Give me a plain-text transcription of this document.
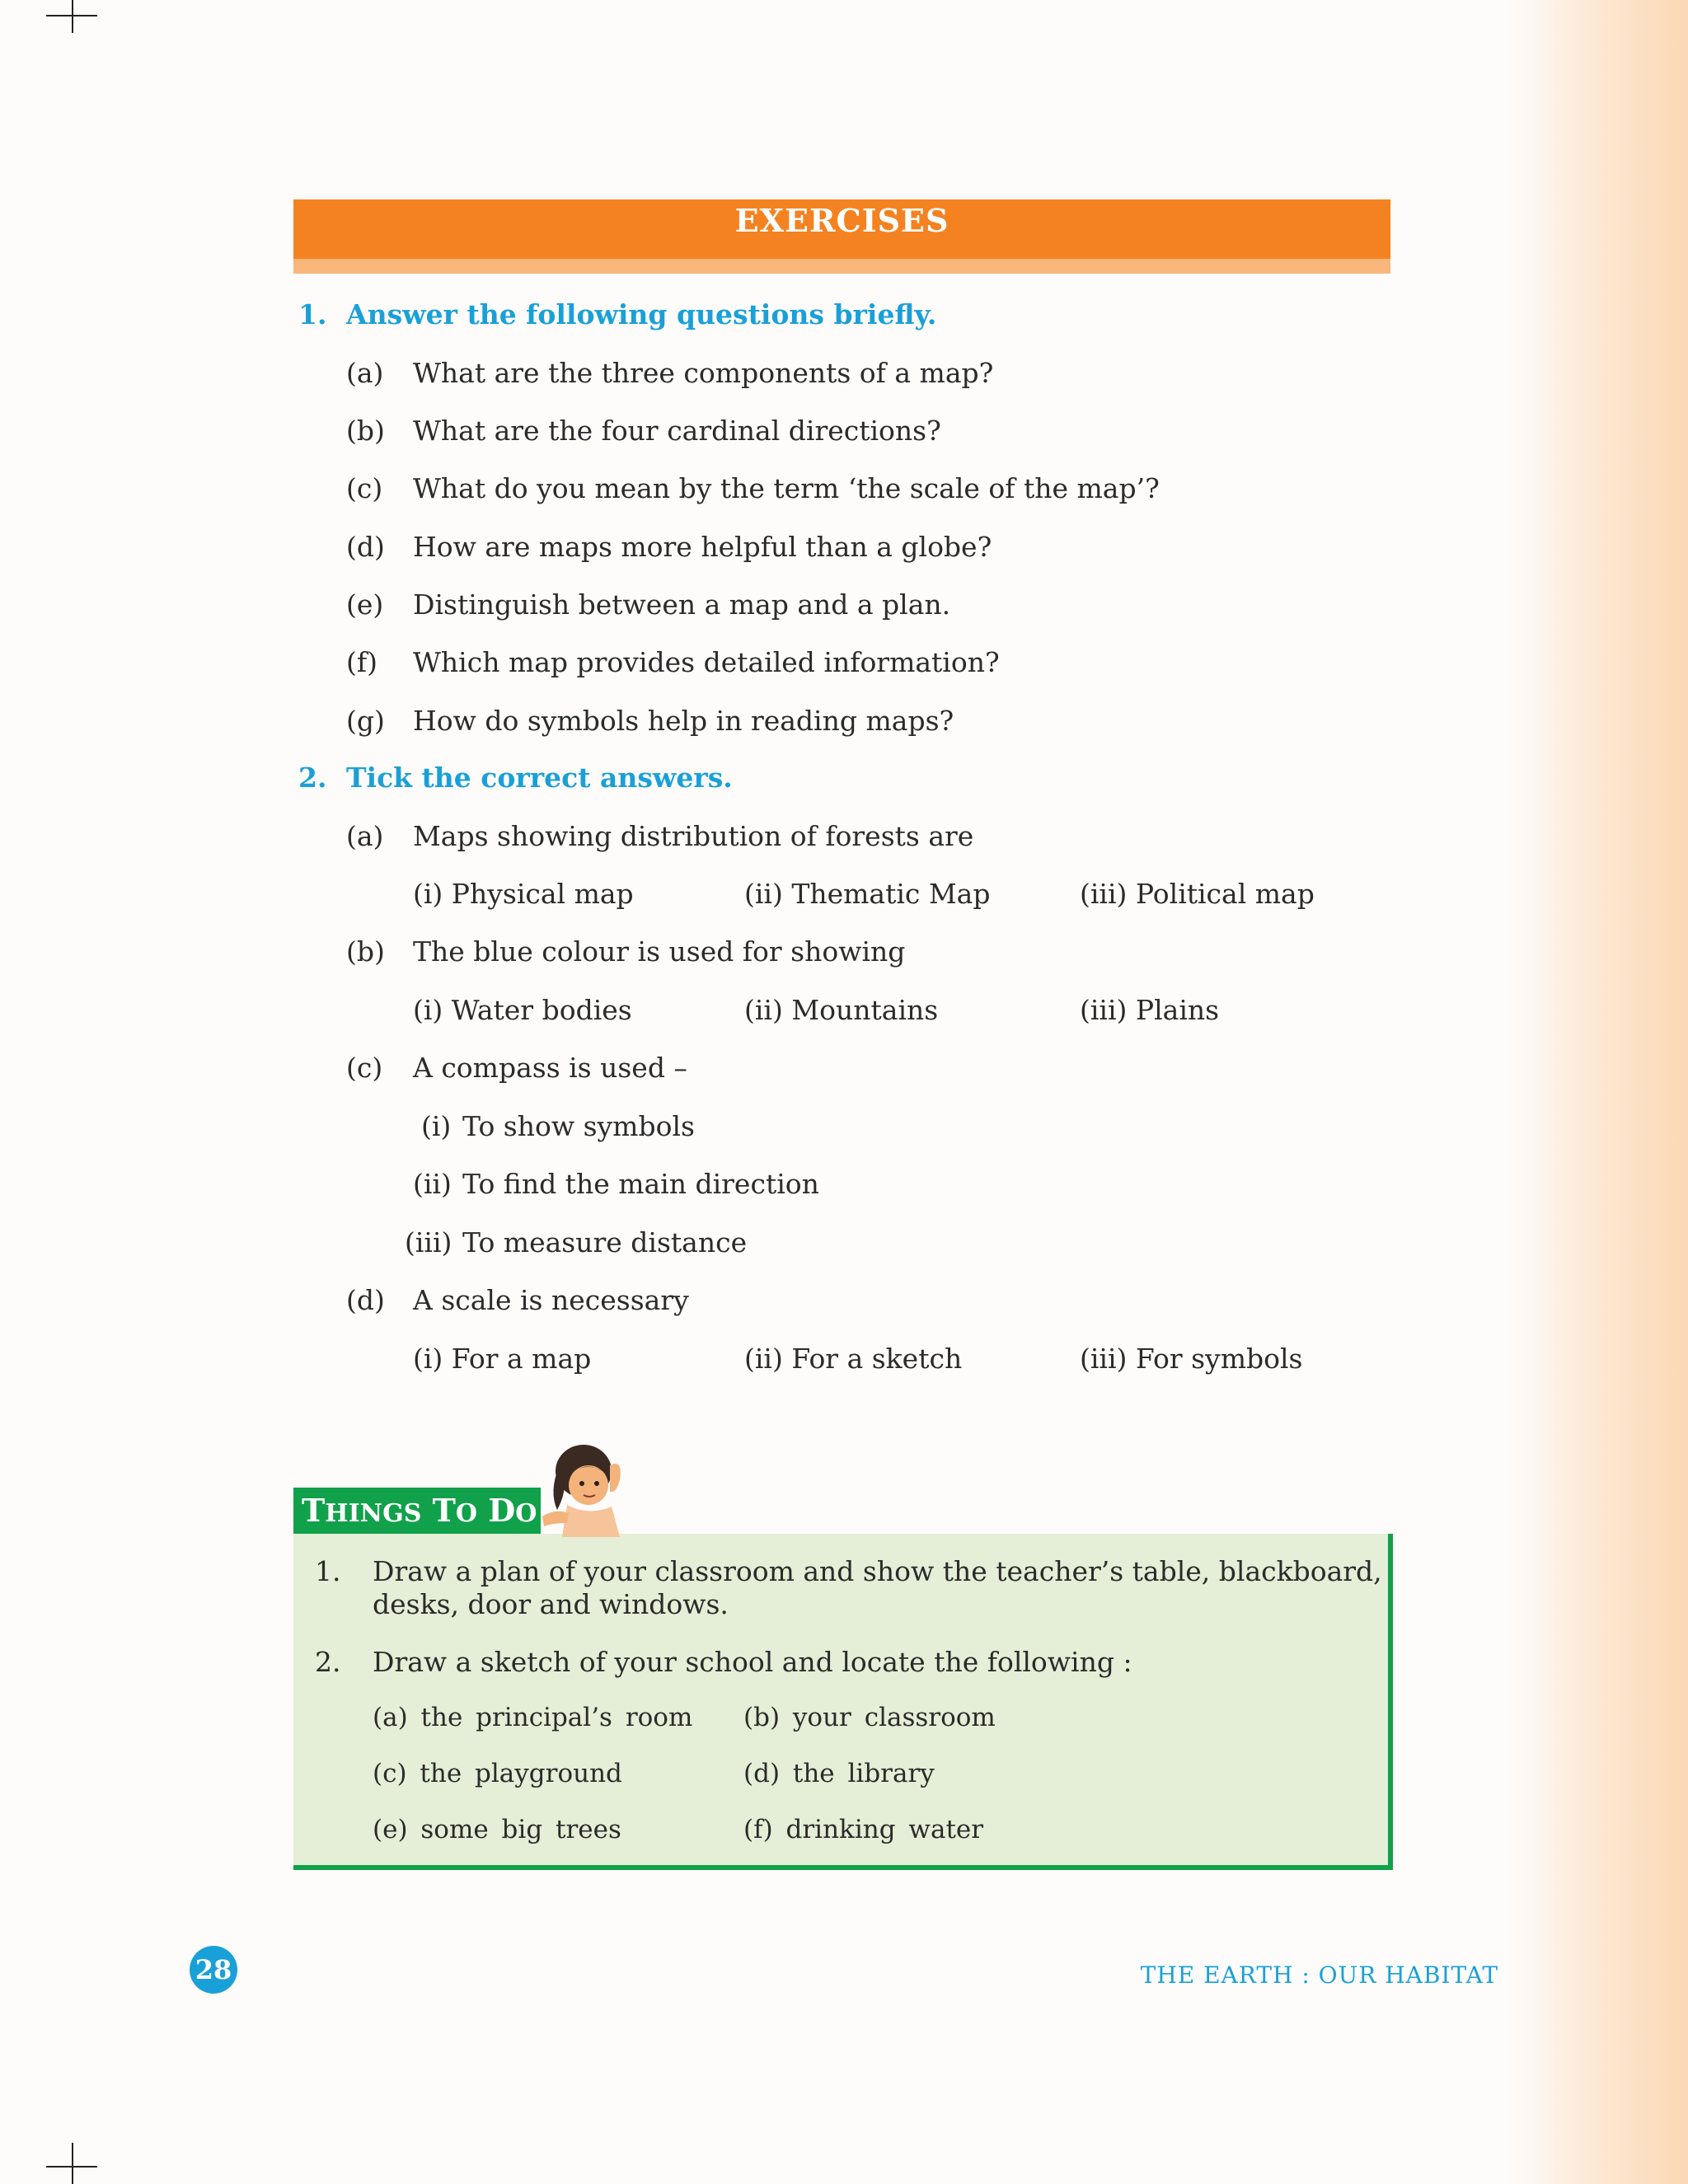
EXERCISES
1. Answer the following questions briefly.
(a) What are the three components of a map?
(b) What are the four cardinal directions?
(c) What do you mean by the term ‘the scale of the map’?
(d) How are maps more helpful than a globe?
(e) Distinguish between a map and a plan.
(f) Which map provides detailed information?
(g) How do symbols help in reading maps?
2. Tick the correct answers.
(a) Maps showing distribution of forests are
(i) Physical map	(ii) Thematic Map	(iii) Political map
(b) The blue colour is used for showing
(i) Water bodies	(ii) Mountains	(iii) Plains
(c) A compass is used –
(i) To show symbols
(ii) To find the main direction
(iii) To measure distance
(d) A scale is necessary
(i) For a map	(ii) For a sketch	(iii) For symbols
1. Draw a plan of your classroom and show the teacher’s table, blackboard,
desks, door and windows.
2. Draw a sketch of your school and locate the following :
(a) the principal’s room (b) your classroom
(c) the playground	(d) the library
(e) some big trees	(f) drinking water
THINGS TO DO
28	THE EARTH : OUR HABITAT
